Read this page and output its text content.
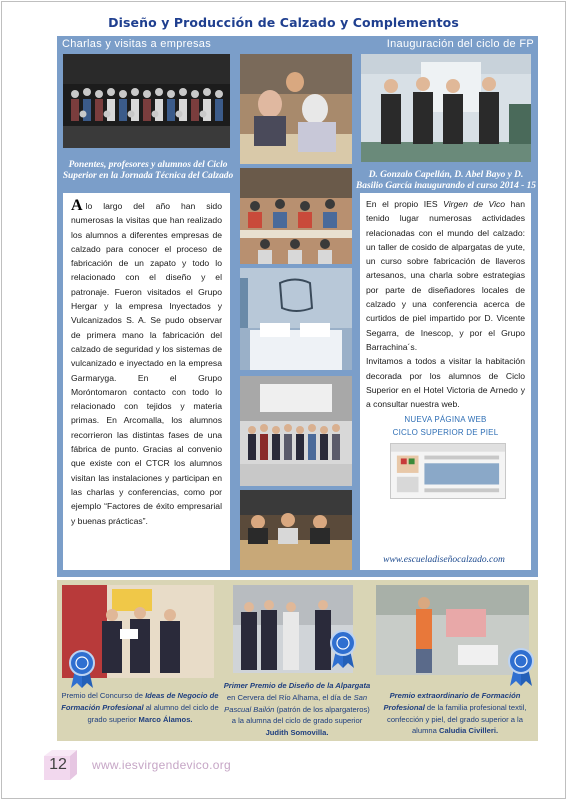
Diseño y Producción de Calzado y Complementos
Charlas y visitas a empresas	Inauguración del ciclo de FP
Ponentes, profesores y alumnos del Ciclo Superior en la Jornada Técnica del Calzado	D. Gonzalo Capellán, D. Abel Bayo y D. Basilio García inaugurando el curso 2014 - 15

Alo largo del año han sido numerosas la visitas que han realizado los alumnos a diferentes empresas de calzado para conocer el proceso de fabricación de un zapato y todo lo relacionado con el diseño y el patronaje. Fueron visitados el Grupo Hergar y la empresa Inyectados y Vulcanizados S. A. Se pudo observar de primera mano la fabricación del calzado de seguridad y los sistemas de vulcanizado e inyectado en la empresa Garmaryga. En el Grupo Moróntomaron contacto con todo lo relacionado con tejidos y materia primas. En Arcomalla, los alumnos recorrieron las distintas fases de una fábrica de punto. Gracias al convenio que existe con el CTCR los alumnos visitan las instalaciones y participan en las charlas y conferencias, como por ejemplo “Factores de éxito empresarial y buenas prácticas”.

En el propio IES Virgen de Vico han tenido lugar numerosas actividades relacionadas con el mundo del calzado: un taller de cosido de alpargatas de yute, un curso sobre fabricación de llaveros artesanos, una charla sobre estrategias por parte de diseñadores locales de calzado y una conferencia acerca de curtidos de piel impartido por D. Vicente Segarra, de Inescop, y por el Grupo Barrachina´s.

Invitamos a todos a visitar la habitación decorada por los alumnos de Ciclo Superior en el Hotel Victoria de Arnedo y a consultar nuestra web.

NUEVA PÁGINA WEB
CICLO SUPERIOR DE PIEL
www.escueladiseñocalzado.com
Premio del Concurso de Ideas de Negocio de Formación Profesional al alumno del ciclo de grado superior Marco Álamos.
Primer Premio de Diseño de la Alpargata en Cervera del Río Alhama, el día de San Pascual Bailón (patrón de los alpargateros) a la alumna del ciclo de grado superior Judith Somovilla.
Premio extraordinario de Formación Profesional de la familia profesional textil, confección y piel, del grado superior a la alumna Caludia Civilleri.
12	www.iesvirgendevico.org
